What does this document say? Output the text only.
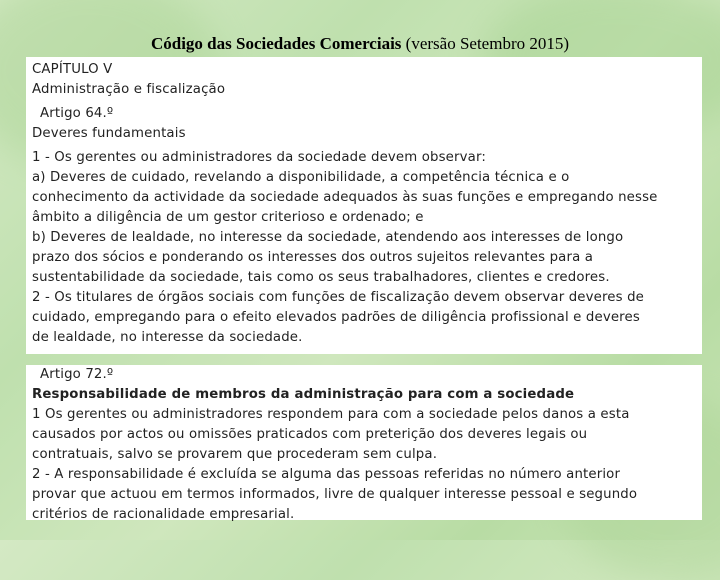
Código das Sociedades Comerciais (versão Setembro 2015)
CAPÍTULO V
Administração e fiscalização
Artigo 64.º
Deveres fundamentais
1 - Os gerentes ou administradores da sociedade devem observar:
a) Deveres de cuidado, revelando a disponibilidade, a competência técnica e o
conhecimento da actividade da sociedade adequados às suas funções e empregando nesse
âmbito a diligência de um gestor criterioso e ordenado; e
b) Deveres de lealdade, no interesse da sociedade, atendendo aos interesses de longo
prazo dos sócios e ponderando os interesses dos outros sujeitos relevantes para a
sustentabilidade da sociedade, tais como os seus trabalhadores, clientes e credores.
2 - Os titulares de órgãos sociais com funções de fiscalização devem observar deveres de
cuidado, empregando para o efeito elevados padrões de diligência profissional e deveres
de lealdade, no interesse da sociedade.
Artigo 72.º
Responsabilidade de membros da administração para com a sociedade
1 Os gerentes ou administradores respondem para com a sociedade pelos danos a esta
causados por actos ou omissões praticados com preterição dos deveres legais ou
contratuais, salvo se provarem que procederam sem culpa.
2 - A responsabilidade é excluída se alguma das pessoas referidas no número anterior
provar que actuou em termos informados, livre de qualquer interesse pessoal e segundo
critérios de racionalidade empresarial.
